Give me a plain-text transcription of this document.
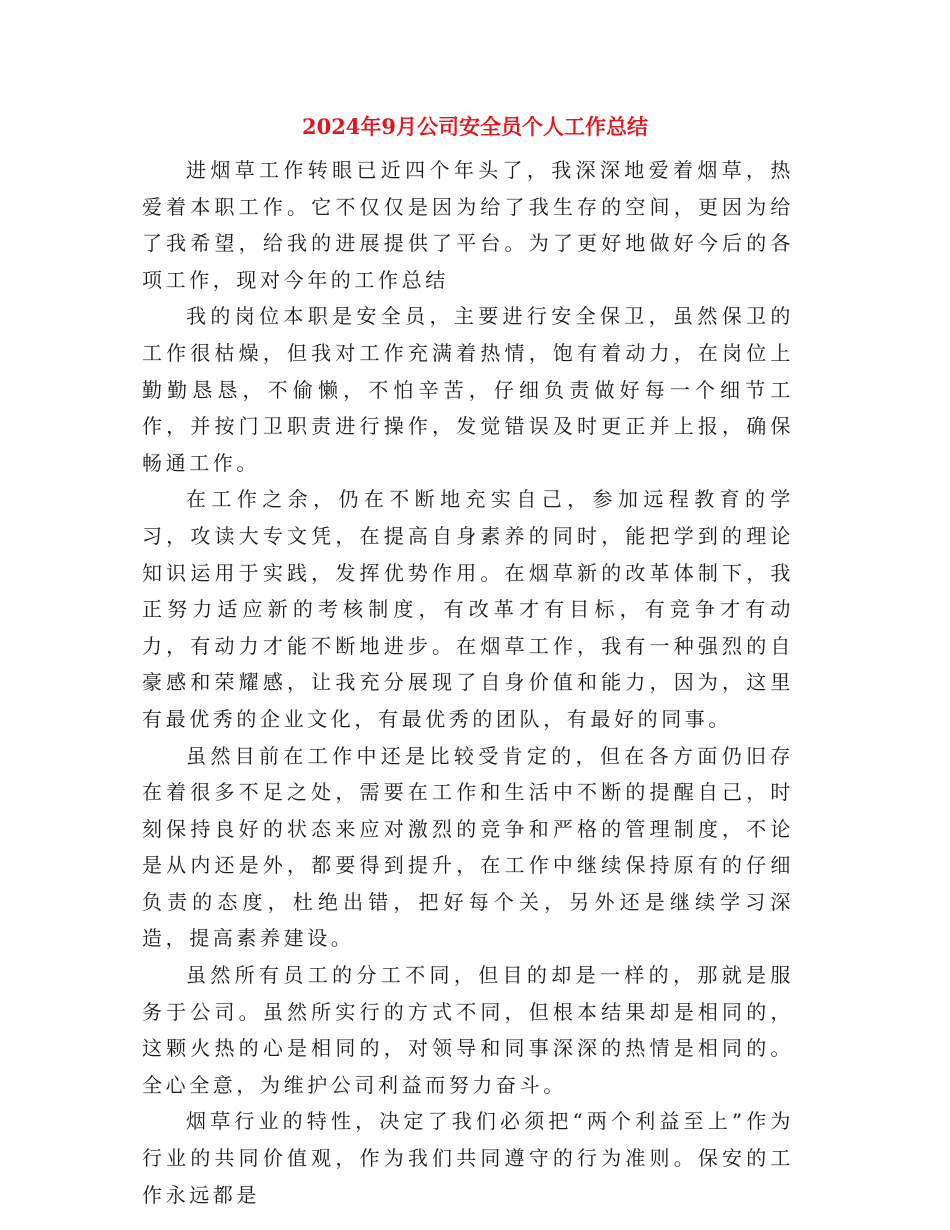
2024年9月公司安全员个人工作总结

进烟草工作转眼已近四个年头了，我深深地爱着烟草，热爱着本职工作。它不仅仅是因为给了我生存的空间，更因为给了我希望，给我的进展提供了平台。为了更好地做好今后的各项工作，现对今年的工作总结

我的岗位本职是安全员，主要进行安全保卫，虽然保卫的工作很枯燥，但我对工作充满着热情，饱有着动力，在岗位上勤勤恳恳，不偷懒，不怕辛苦，仔细负责做好每一个细节工作，并按门卫职责进行操作，发觉错误及时更正并上报，确保畅通工作。

在工作之余，仍在不断地充实自己，参加远程教育的学习，攻读大专文凭，在提高自身素养的同时，能把学到的理论知识运用于实践，发挥优势作用。在烟草新的改革体制下，我正努力适应新的考核制度，有改革才有目标，有竞争才有动力，有动力才能不断地进步。在烟草工作，我有一种强烈的自豪感和荣耀感，让我充分展现了自身价值和能力，因为，这里有最优秀的企业文化，有最优秀的团队，有最好的同事。

虽然目前在工作中还是比较受肯定的，但在各方面仍旧存在着很多不足之处，需要在工作和生活中不断的提醒自己，时刻保持良好的状态来应对激烈的竞争和严格的管理制度，不论是从内还是外，都要得到提升，在工作中继续保持原有的仔细负责的态度，杜绝出错，把好每个关，另外还是继续学习深造，提高素养建设。

虽然所有员工的分工不同，但目的却是一样的，那就是服务于公司。虽然所实行的方式不同，但根本结果却是相同的，这颗火热的心是相同的，对领导和同事深深的热情是相同的。全心全意，为维护公司利益而努力奋斗。

烟草行业的特性，决定了我们必须把“两个利益至上”作为行业的共同价值观，作为我们共同遵守的行为准则。保安的工作永远都是
